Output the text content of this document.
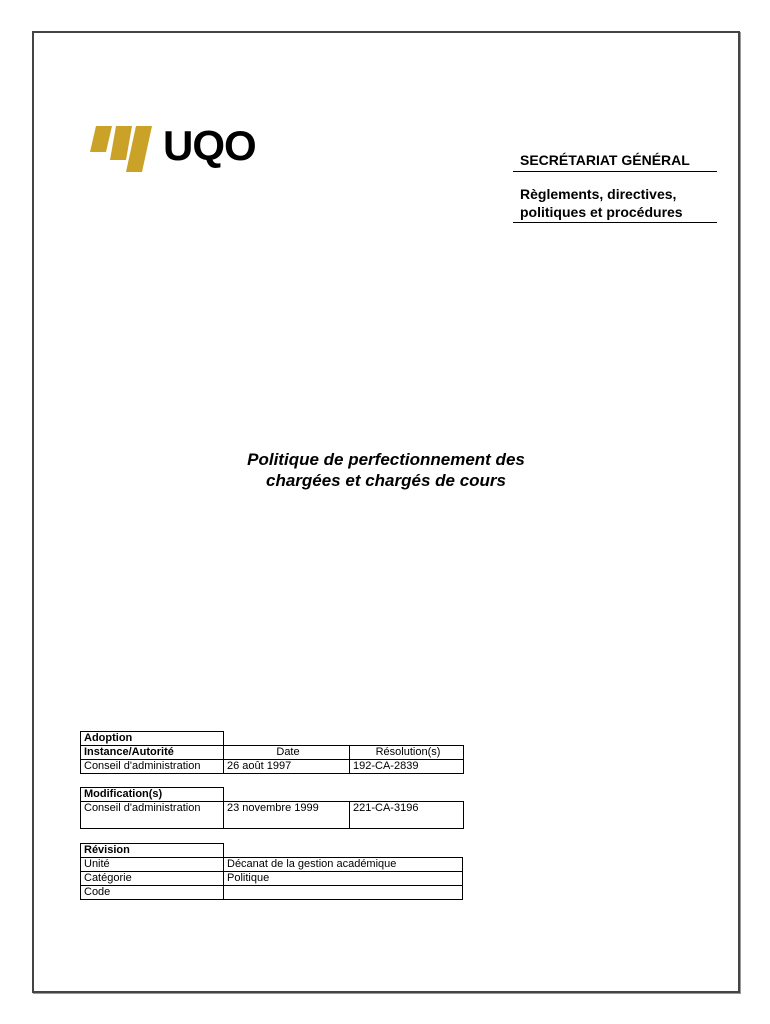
UQO	SECRÉTARIAT GÉNÉRAL
Règlements, directives,
politiques et procédures
Politique de perfectionnement des
chargées et chargés de cours
Adoption		
Instance/Autorité	Date	Résolution(s)
Conseil d'administration	26 août 1997	192-CA-2839
Modification(s)		
Conseil d'administration	23 novembre 1999	221-CA-3196
Révision		
Unité	Décanat de la gestion académique	
Catégorie	Politique	
Code		
